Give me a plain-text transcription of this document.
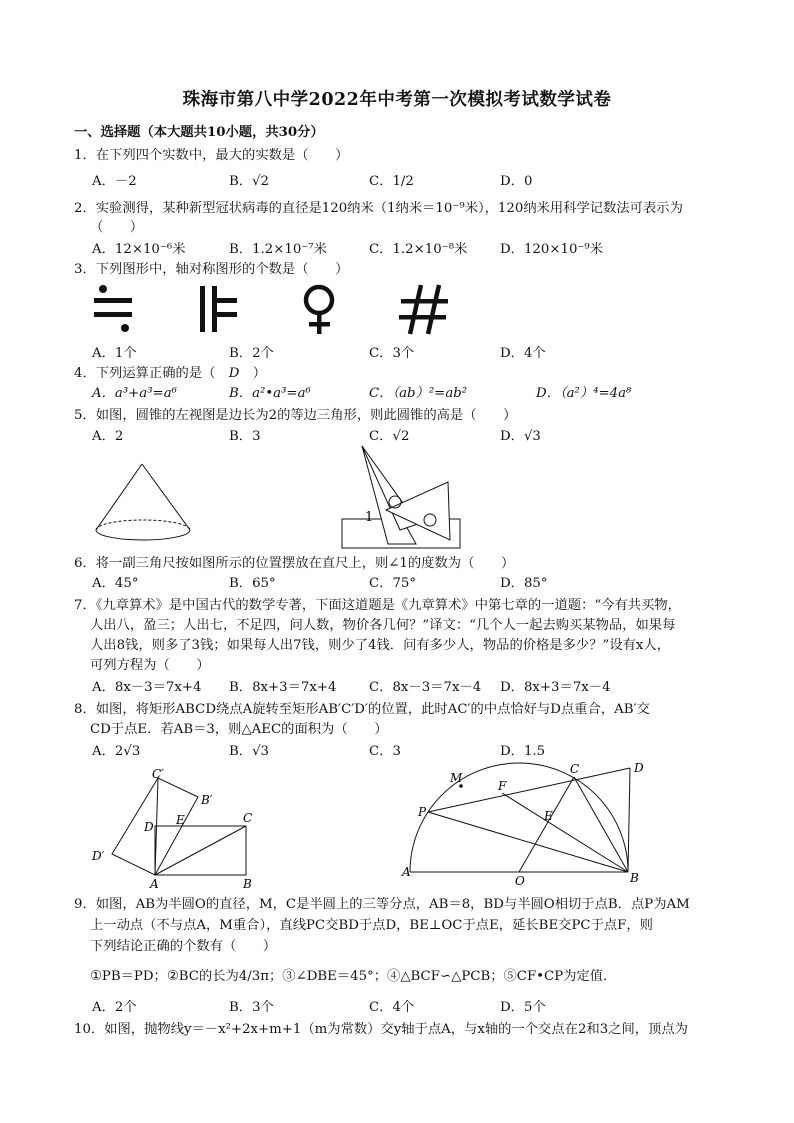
珠海市第八中学2022年中考第一次模拟考试数学试卷
一、选择题（本大题共10小题，共30分）
1．在下列四个实数中，最大的实数是（　　）
A．－2	B．√2	C．1/2	D．0
2．实验测得，某种新型冠状病毒的直径是120纳米（1纳米＝10⁻⁹米），120纳米用科学记数法可表示为
（　　）
A．12×10⁻⁶米	B．1.2×10⁻⁷米	C．1.2×10⁻⁸米 D．120×10⁻⁹米
3．下列图形中，轴对称图形的个数是（　　）
A．1个	B．2个	C．3个	D．4个
4．下列运算正确的是（　D　）
A．a³+a³=a⁶	B．a²•a³=a⁶	C．（ab）²=ab²	D．（a²）⁴=4a⁸
5．如图，圆锥的左视图是边长为2的等边三角形，则此圆锥的高是（　　）
A．2	B．3	C．√2	D．√3
1
6．将一副三角尺按如图所示的位置摆放在直尺上，则∠1的度数为（　　）
A．45°	B．65°	C．75°	D．85°
7．《九章算术》是中国古代的数学专著，下面这道题是《九章算术》中第七章的一道题：“今有共买物，
人出八，盈三；人出七，不足四，问人数，物价各几何？”译文：“几个人一起去购买某物品，如果每
人出8钱，则多了3钱；如果每人出7钱，则少了4钱．问有多少人，物品的价格是多少？”设有x人，
可列方程为（　　）
A．8x－3＝7x+4 B．8x+3＝7x+4 C．8x－3＝7x－4 D．8x+3＝7x－4
8．如图，将矩形ABCD绕点A旋转至矩形AB′C′D′的位置，此时AC′的中点恰好与D点重合，AB′交
CD于点E．若AB＝3，则△AEC的面积为（　　）
A．2√3	B．√3	C．3	D．1.5
C′
B′
D E	C
D′
A	B
M
C	D
P
F
E
A
O	B
9．如图，AB为半圆O的直径，M，C是半圆上的三等分点，AB＝8，BD与半圆O相切于点B．点P为AM
上一动点（不与点A，M重合），直线PC交BD于点D，BE⊥OC于点E，延长BE交PC于点F，则
下列结论正确的个数有（　　）
①PB＝PD；②BC的长为4/3π；③∠DBE＝45°；④△BCF∽△PCB；⑤CF•CP为定值．
A．2个	B．3个	C．4个	D．5个
10．如图，抛物线y＝－x²+2x+m+1（m为常数）交y轴于点A，与x轴的一个交点在2和3之间，顶点为
